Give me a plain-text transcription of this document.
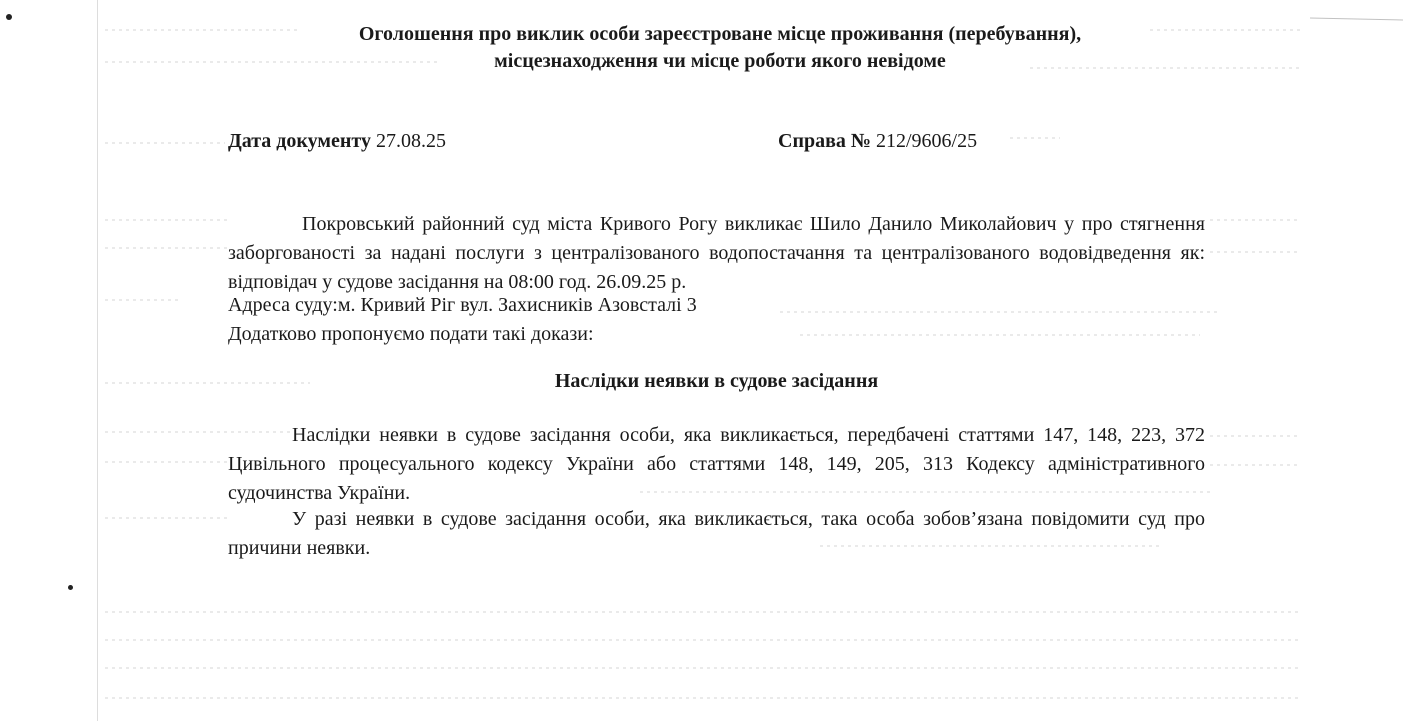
Оголошення про виклик особи зареєстроване місце проживання (перебування),
місцезнаходження чи місце роботи якого невідоме
Дата документу 27.08.25	Справа № 212/9606/25

Покровський районний суд міста Кривого Рогу викликає Шило Данило Миколайович у про стягнення заборгованості за надані послуги з централізованого водопостачання та централізованого водовідведення як: відповідач у судове засідання на 08:00 год. 26.09.25 р.

Адреса суду:м. Кривий Ріг вул. Захисників Азовсталі 3

Додатково пропонуємо подати такі докази:

Наслідки неявки в судове засідання

Наслідки неявки в судове засідання особи, яка викликається, передбачені статтями 147, 148, 223, 372 Цивільного процесуального кодексу України або статтями 148, 149, 205, 313 Кодексу адміністративного судочинства України.

У разі неявки в судове засідання особи, яка викликається, така особа зобов’язана повідомити суд про причини неявки.
